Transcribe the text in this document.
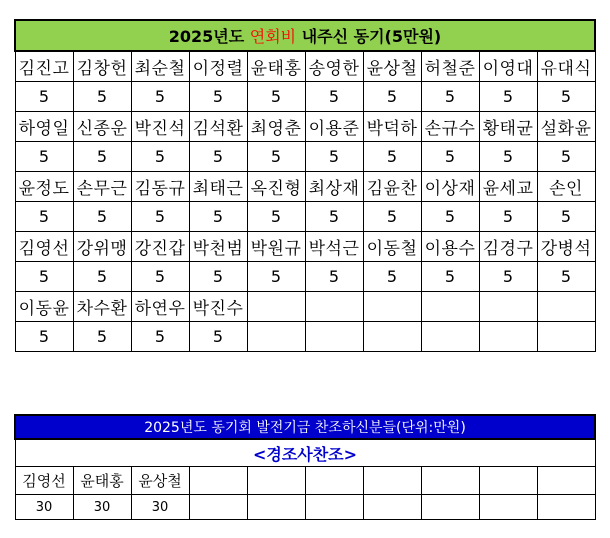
2025년도 연회비 내주신 동기(5만원)									
김진고	김창헌	최순철	이정렬	윤태홍	송영한	윤상철	허철준	이영대	유대식
5	5	5	5	5	5	5	5	5	5
하영일	신종운	박진석	김석환	최영춘	이용준	박덕하	손규수	황태균	설화윤
5	5	5	5	5	5	5	5	5	5
윤정도	손무근	김동규	최태근	옥진형	최상재	김윤찬	이상재	윤세교	손인
5	5	5	5	5	5	5	5	5	5
김영선	강위맹	강진갑	박천범	박원규	박석근	이동철	이용수	김경구	강병석
5	5	5	5	5	5	5	5	5	5
이동윤	차수환	하연우	박진수						
5	5	5	5						
2025년도 동기회 발전기금 찬조하신분들(단위:만원)									
<경조사찬조>									
김영선	윤태홍	윤상철							
30	30	30							
